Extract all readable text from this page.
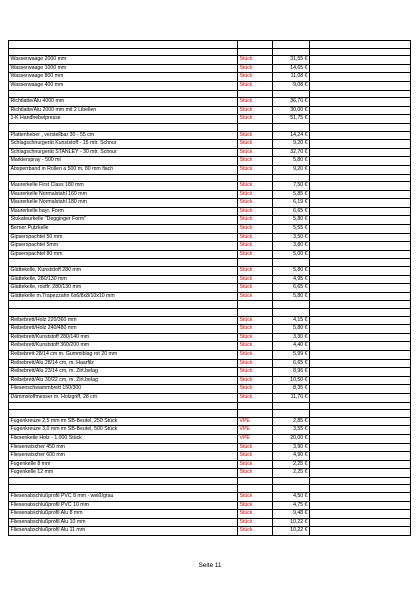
Wasserwaage 2000 mm	Stück	31,55 €	
Wasserwaage 1000 mm	Stück	14,65 €	
Wasserwaage 800 mm	Stück	11,08 €	
Wasserwaage 400 mm	Stück	9,08 €	

Richtlatte/Alu 4000 mm	Stück	36,70 €	
Richtlatte/Alu 2000 mm mit 2 Libellen	Stück	30,00 €	
1-K Handhebelpresse	Stück	51,75 €	

Plattenheber , verstellbar 30 - 55 cm	Stück	14,24 €	
Schlagschnurgerät Kunststoff - 15 mtr. Schnur	Stück	9,20 €	
Schlagschnurgerät STANLEY - 30 mtr. Schnur	Stück	32,70 €	
Markierspray - 500 ml	Stück	5,80 €	
Absperrband in Rollen a 500 m, 80 mm flach	Stück	9,20 €	

Maurerkelle First Class 180 mm	Stück	7,50 €	
Maurerkelle Normalstahl 160 mm	Stück	5,85 €	
Maurerkelle Normalstahl 180 mm	Stück	6,19 €	
Maurerkelle bayr. Form	Stück	6,65 €	
Stukateurkelle "Degginger Form"	Stück	5,80 €	
Berner Putzkelle	Stück	5,55 €	
Gipserspachtel 50 mm	Stück	3,50 €	
Gipserspachtel 5mm	Stück	3,80 €	
Gipserspachtel 80 mm	Stück	5,00 €	

Glättekelle, Kunststoff 280 mm	Stück	5,80 €	
Glättekelle, 280/130 mm	Stück	4,95 €	
Glättekelle, rostfr. 280/130 mm	Stück	6,65 €	
Glättekelle m.Trapezzahn 6x6/8x8/10x10 mm	Stück	5,80 €	

Reibebrett/Holz 220/360 mm	Stück	4,15 €	
Reibebrett/Holz 240/480 mm	Stück	5,80 €	
Reibebrett/Kunststoff 280/140 mm	Stück	3,30 €	
Reibebrett/Kunststoff 360/200 mm	Stück	4,40 €	
Reibebrett 28/14 cm m. Gummiblag rot 20 mm	Stück	5,99 €	
Reibebrett/Alu 28/14 cm, m. Haarfilz	Stück	6,65 €	
Reibebrett/Alu 23/14 cm, m. Zirt.belag	Stück	8,96 €	
Reibebrett/Alu 30/22 cm, m. Zirt.belag	Stück	10,50 €	
Fliesenschwammbrett 150/300	Stück	8,35 €	
Dämmstoffmesser m. Holzgriff, 28 cm	Stück	11,70 €	

Fugenkreuze 2,5 mm im SB-Beutel, 250 Stück	VPE	2,85 €	
Fugenkreuze 3,0 mm im SB-Beutel, 500 Stück	VPE	3,55 €	
Fliesenkeile Holz - 1.000 Stück	VPE	20,00 €	
Fliesenwischer 450 mm	Stück	3,90 €	
Fliesenwischer 600 mm	Stück	4,90 €	
Fugenkelle 8 mm	Stück	2,25 €	
Fugenkelle 12 mm	Stück	2,25 €	

Fliesenabschlußprofil PVC 8 mm - weiß/grau	Stück	4,50 €	
Fliesenabschlußprofil PVC 10 mm	Stück	4,75 €	
Fliesenabschlußprofil Alu 8 mm	Stück	9,48 €	
Fliesenabschlußprofil Alu 10 mm	Stück	10,22 €	
Fliesenabschlußprofil Alu 11 mm	Stück	10,22 €	
Seite 11
